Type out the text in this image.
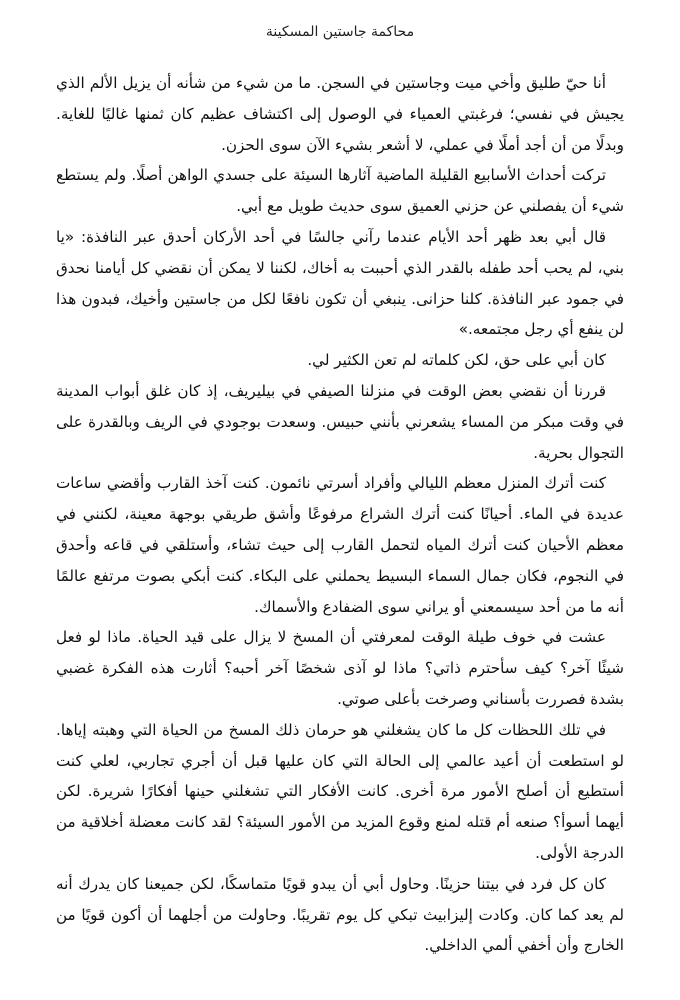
محاكمة جاستين المسكينة

أنا حيّ طليق وأخي ميت وجاستين في السجن. ما من شيء من شأنه أن يزيل الألم الذي يجيش في نفسي؛ فرغبتي العمياء في الوصول إلى اكتشاف عظيم كان ثمنها غاليًا للغاية. وبدلًا من أن أجد أملًا في عملي، لا أشعر بشيء الآن سوى الحزن.

تركت أحداث الأسابيع القليلة الماضية آثارها السيئة على جسدي الواهن أصلًا. ولم يستطع شيء أن يفصلني عن حزني العميق سوى حديث طويل مع أبي.

قال أبي بعد ظهر أحد الأيام عندما رآني جالسًا في أحد الأركان أحدق عبر النافذة: «يا بني، لم يحب أحد طفله بالقدر الذي أحببت به أخاك، لكننا لا يمكن أن نقضي كل أيامنا نحدق في جمود عبر النافذة. كلنا حزانى. ينبغي أن تكون نافعًا لكل من جاستين وأخيك، فبدون هذا لن ينفع أي رجل مجتمعه.»

كان أبي على حق، لكن كلماته لم تعن الكثير لي.

قررنا أن نقضي بعض الوقت في منزلنا الصيفي في بيليريف، إذ كان غلق أبواب المدينة في وقت مبكر من المساء يشعرني بأنني حبيس. وسعدت بوجودي في الريف وبالقدرة على التجوال بحرية.

كنت أترك المنزل معظم الليالي وأفراد أسرتي نائمون. كنت آخذ القارب وأقضي ساعات عديدة في الماء. أحيانًا كنت أترك الشراع مرفوعًا وأشق طريقي بوجهة معينة، لكنني في معظم الأحيان كنت أترك المياه لتحمل القارب إلى حيث تشاء، وأستلقي في قاعه وأحدق في النجوم، فكان جمال السماء البسيط يحملني على البكاء. كنت أبكي بصوت مرتفع عالمًا أنه ما من أحد سيسمعني أو يراني سوى الضفادع والأسماك.

عشت في خوف طيلة الوقت لمعرفتي أن المسخ لا يزال على قيد الحياة. ماذا لو فعل شيئًا آخر؟ كيف سأحترم ذاتي؟ ماذا لو آذى شخصًا آخر أحبه؟ أثارت هذه الفكرة غضبي بشدة فصررت بأسناني وصرخت بأعلى صوتي.

في تلك اللحظات كل ما كان يشغلني هو حرمان ذلك المسخ من الحياة التي وهبته إياها. لو استطعت أن أعيد عالمي إلى الحالة التي كان عليها قبل أن أجري تجاربي، لعلي كنت أستطيع أن أصلح الأمور مرة أخرى. كانت الأفكار التي تشغلني حينها أفكارًا شريرة. لكن أيهما أسوأ؟ صنعه أم قتله لمنع وقوع المزيد من الأمور السيئة؟ لقد كانت معضلة أخلاقية من الدرجة الأولى.

كان كل فرد في بيتنا حزينًا. وحاول أبي أن يبدو قويًا متماسكًا، لكن جميعنا كان يدرك أنه لم يعد كما كان. وكادت إليزابيث تبكي كل يوم تقريبًا. وحاولت من أجلهما أن أكون قويًا من الخارج وأن أخفي ألمي الداخلي.
